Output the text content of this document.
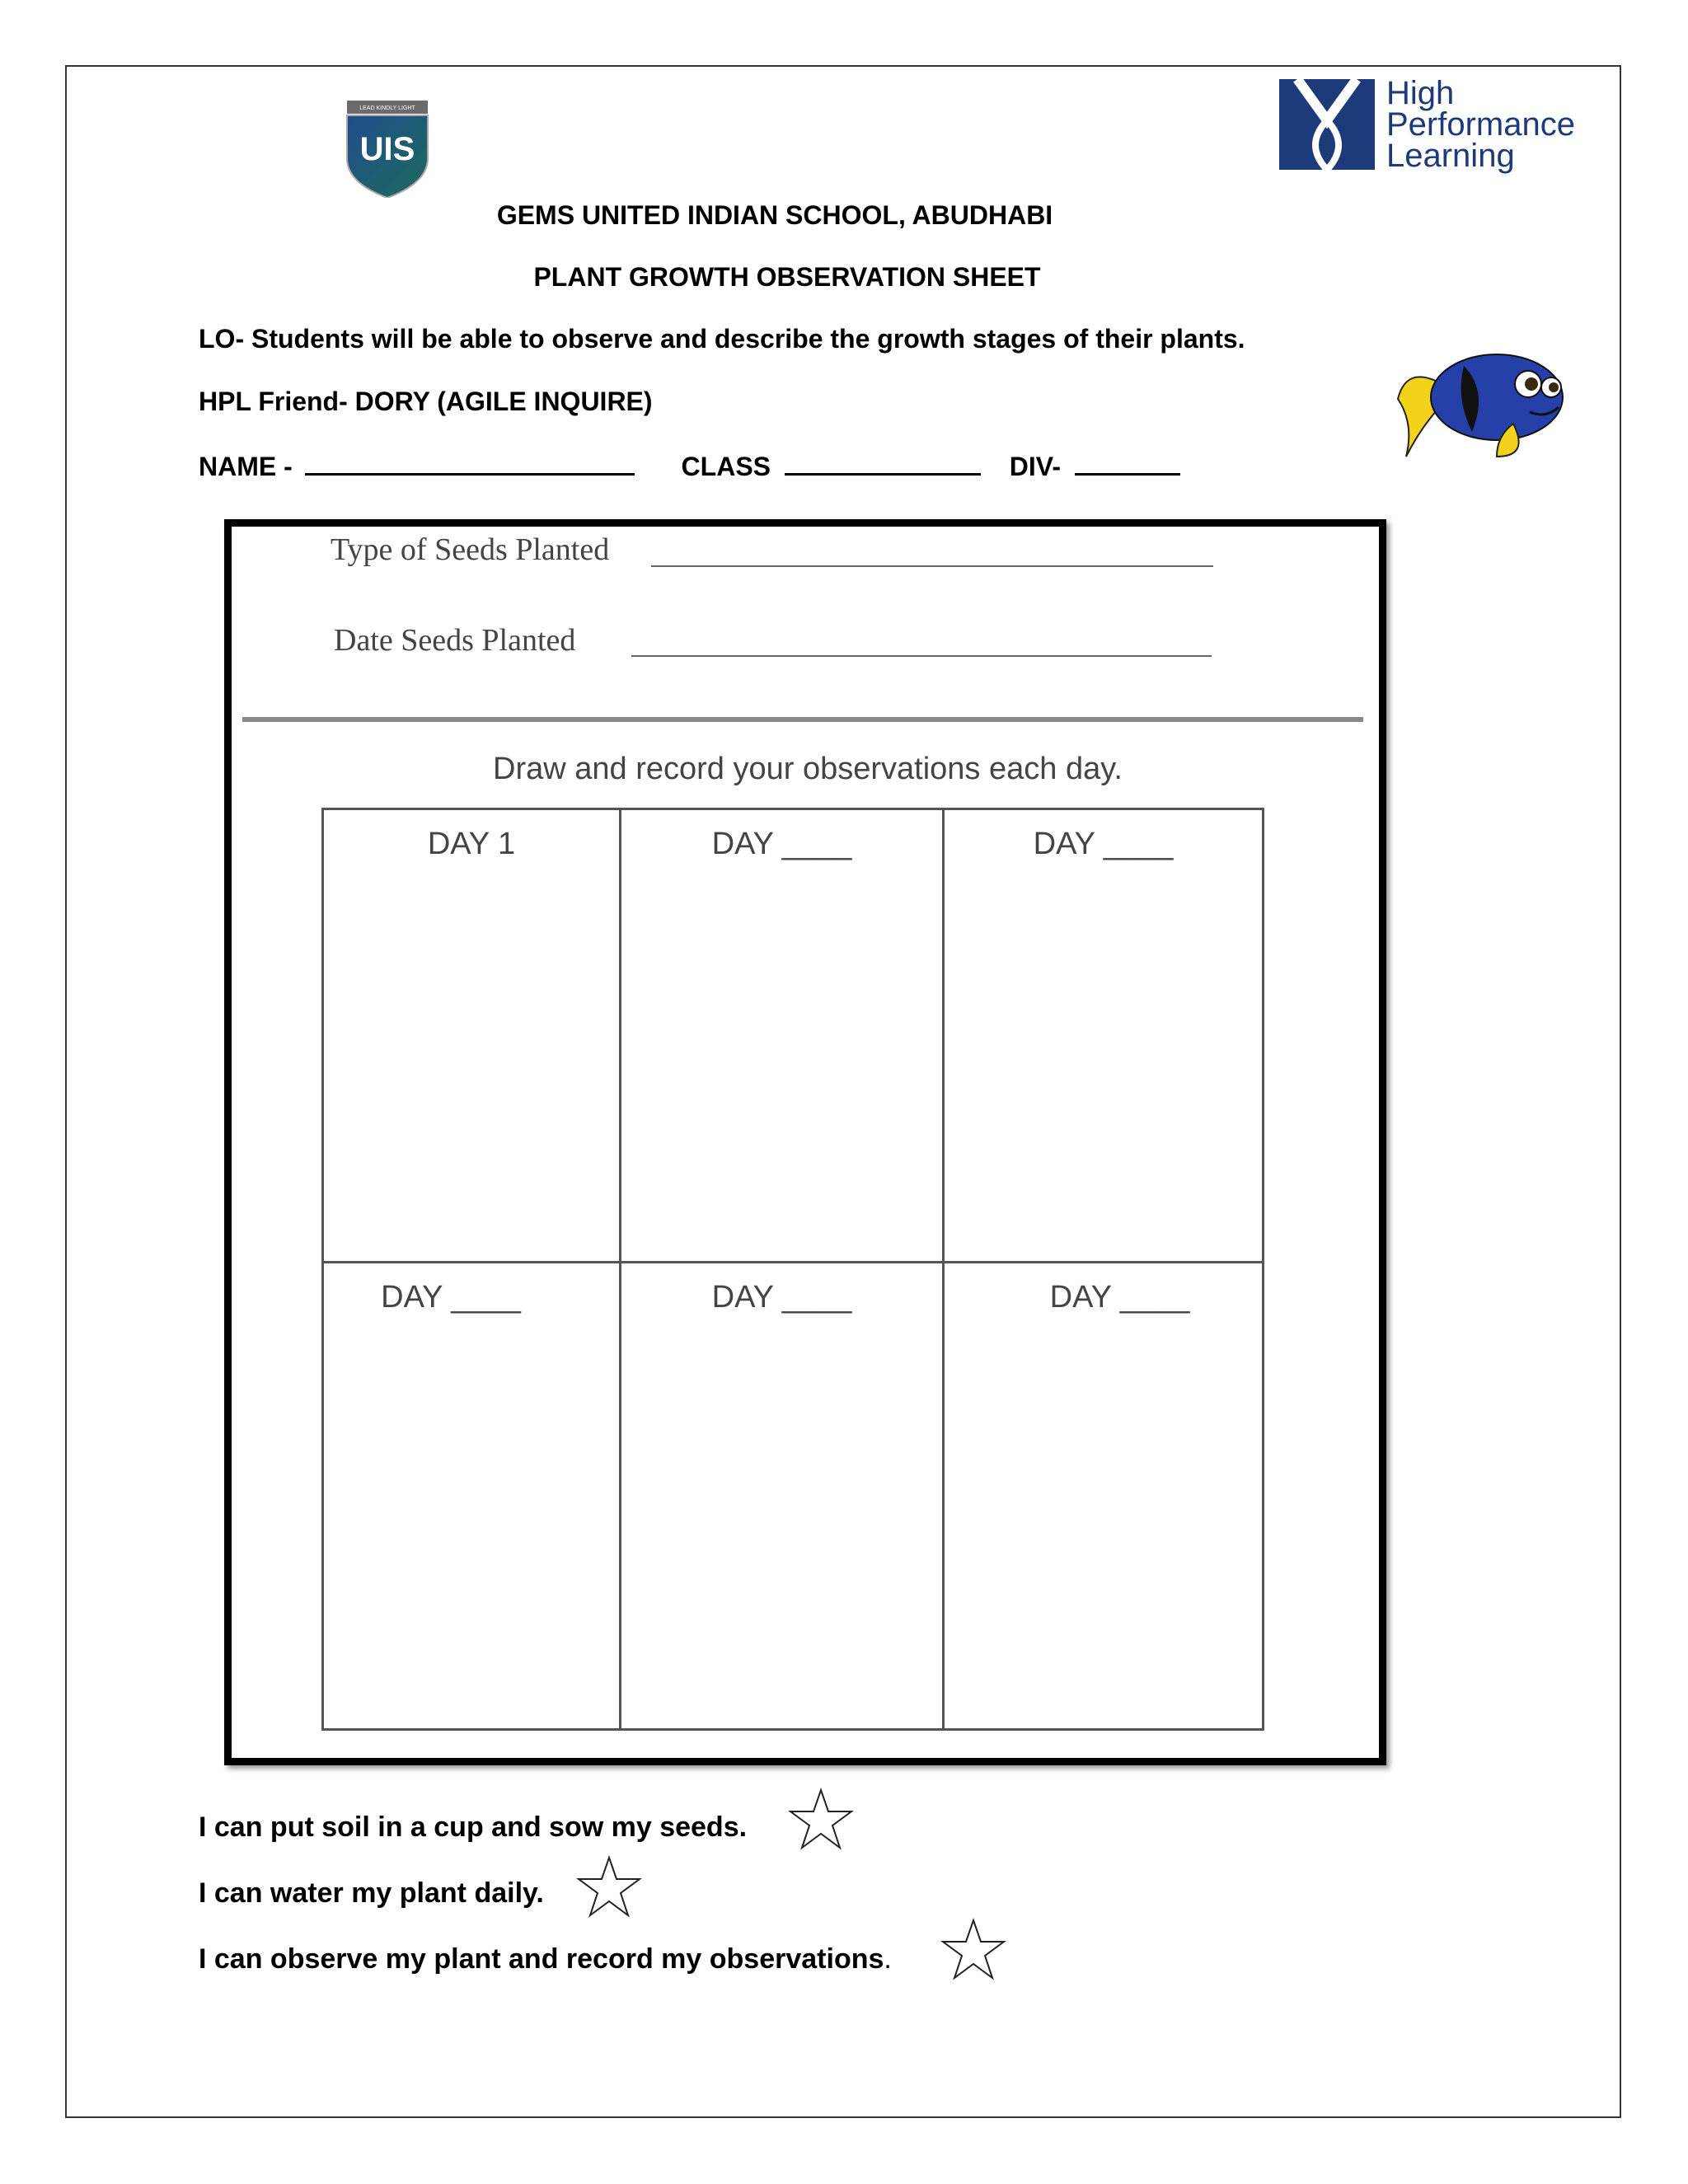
LEAD KINDLY LIGHT
UIS
High
Performance
Learning
GEMS UNITED INDIAN SCHOOL, ABUDHABI
PLANT GROWTH OBSERVATION SHEET
LO- Students will be able to observe and describe the growth stages of their plants.
HPL Friend- DORY (AGILE INQUIRE)
NAME -	CLASS	DIV-
Type of Seeds Planted
Date Seeds Planted
Draw and record your observations each day.
DAY 1	DAY ____	DAY ____
DAY ____	DAY ____	DAY ____
I can put soil in a cup and sow my seeds.
I can water my plant daily.
I can observe my plant and record my observations.
